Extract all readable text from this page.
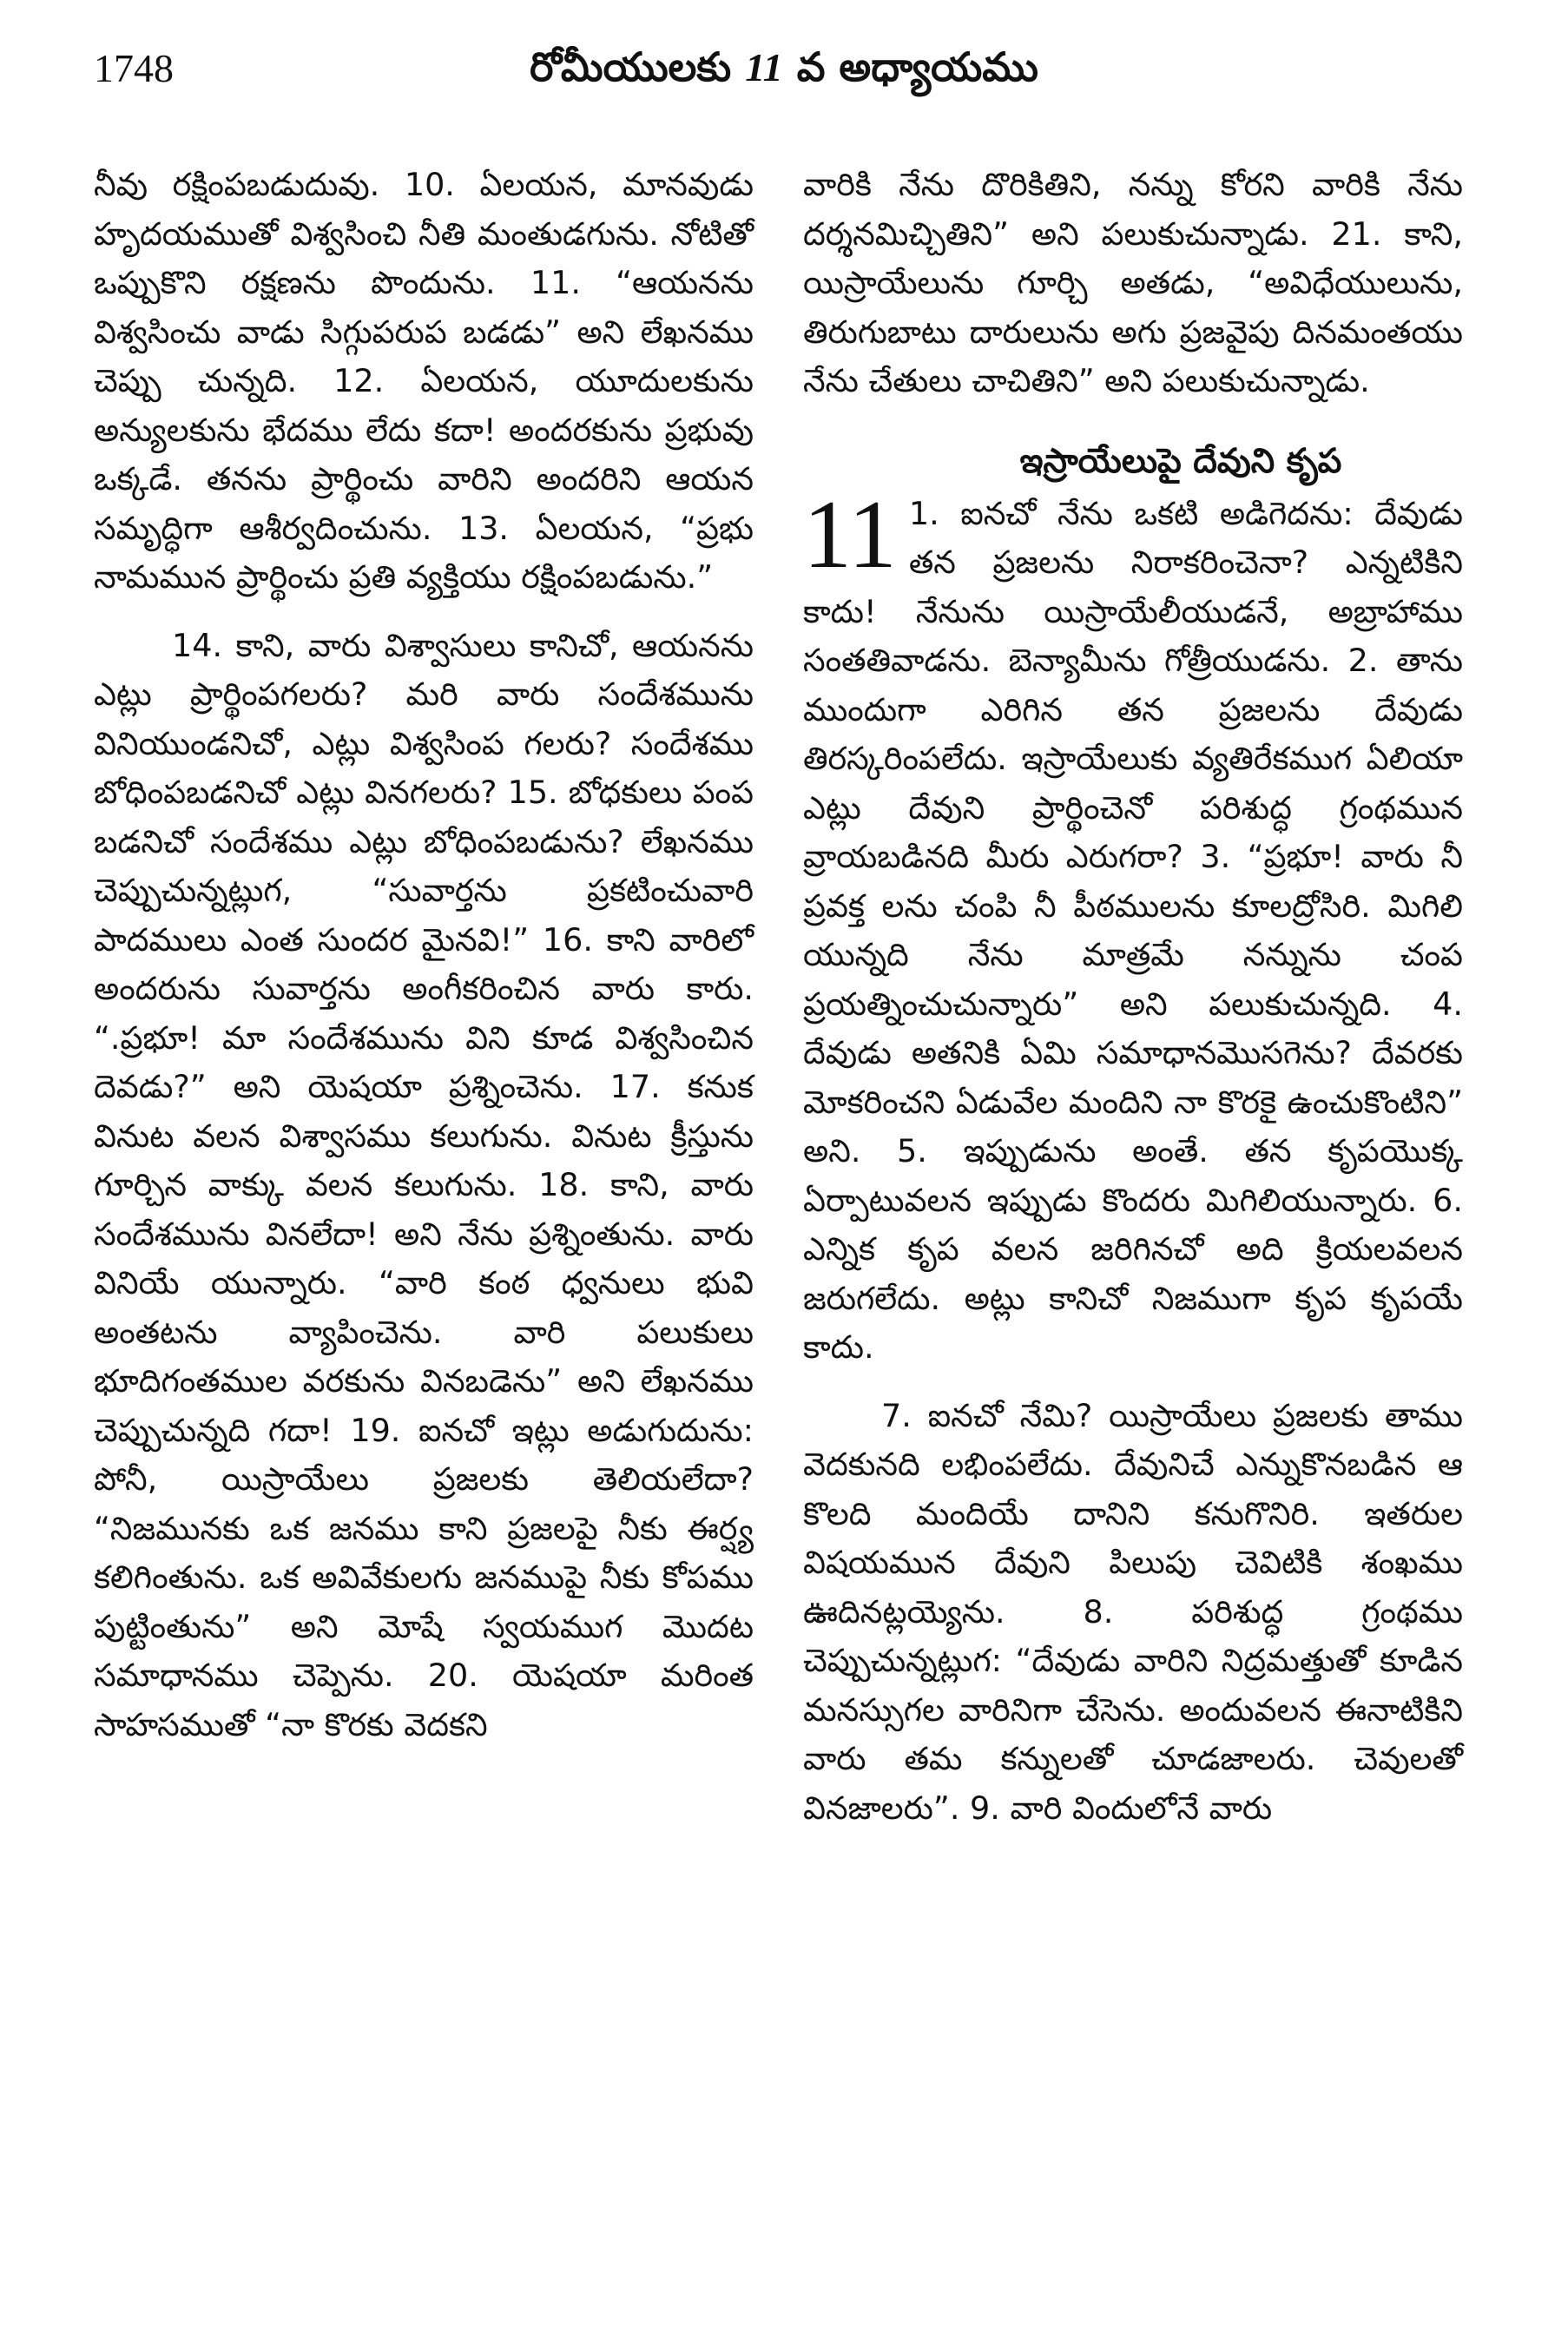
1748	రోమీయులకు 11 వ అధ్యాయము

నీవు రక్షింపబడుదువు. 10. ఏలయన, మానవుడు హృదయముతో విశ్వసించి నీతి మంతుడగును. నోటితో ఒప్పుకొని రక్షణను పొందును. 11. “ఆయనను విశ్వసించు వాడు సిగ్గుపరుప బడడు” అని లేఖనము చెప్పు చున్నది. 12. ఏలయన, యూదులకును అన్యులకును భేదము లేదు కదా! అందరకును ప్రభువు ఒక్కడే. తనను ప్రార్థించు వారిని అందరిని ఆయన సమృద్ధిగా ఆశీర్వదించును. 13. ఏలయన, “ప్రభు నామమున ప్రార్థించు ప్రతి వ్యక్తియు రక్షింపబడును.”

14. కాని, వారు విశ్వాసులు కానిచో, ఆయనను ఎట్లు ప్రార్థింపగలరు? మరి వారు సందేశమును వినియుండనిచో, ఎట్లు విశ్వసింప గలరు? సందేశము బోధింపబడనిచో ఎట్లు వినగలరు? 15. బోధకులు పంప బడనిచో సందేశము ఎట్లు బోధింపబడును? లేఖనము చెప్పుచున్నట్లుగ, “సువార్తను ప్రకటించువారి పాదములు ఎంత సుందర మైనవి!” 16. కాని వారిలో అందరును సువార్తను అంగీకరించిన వారు కారు. “.ప్రభూ! మా సందేశమును విని కూడ విశ్వసించిన దెవడు?” అని యెషయా ప్రశ్నించెను. 17. కనుక వినుట వలన విశ్వాసము కలుగును. వినుట క్రీస్తును గూర్చిన వాక్కు వలన కలుగును. 18. కాని, వారు సందేశమును వినలేదా! అని నేను ప్రశ్నింతును. వారు వినియే యున్నారు. “వారి కంఠ ధ్వనులు భువి అంతటను వ్యాపించెను. వారి పలుకులు భూదిగంతముల వరకును వినబడెను” అని లేఖనము చెప్పుచున్నది గదా! 19. ఐనచో ఇట్లు అడుగుదును: పోనీ, యిస్రాయేలు ప్రజలకు తెలియలేదా? “నిజమునకు ఒక జనము కాని ప్రజలపై నీకు ఈర్ష్య కలిగింతును. ఒక అవివేకులగు జనముపై నీకు కోపము పుట్టింతును” అని మోషే స్వయముగ మొదట సమాధానము చెప్పెను. 20. యెషయా మరింత సాహసముతో “నా కొరకు వెదకని

వారికి నేను దొరికితిని, నన్ను కోరని వారికి నేను దర్శనమిచ్చితిని” అని పలుకుచున్నాడు. 21. కాని, యిస్రాయేలును గూర్చి అతడు, “అవిధేయులును, తిరుగుబాటు దారులును అగు ప్రజవైపు దినమంతయు నేను చేతులు చాచితిని” అని పలుకుచున్నాడు.

ఇస్రాయేలుపై దేవుని కృప

11 1. ఐనచో నేను ఒకటి అడిగెదను: దేవుడు తన ప్రజలను నిరాకరించెనా? ఎన్నటికిని కాదు! నేనును యిస్రాయేలీయుడనే, అబ్రాహాము సంతతివాడను. బెన్యామీను గోత్రీయుడను. 2. తాను ముందుగా ఎరిగిన తన ప్రజలను దేవుడు తిరస్కరింపలేదు. ఇస్రాయేలుకు వ్యతిరేకముగ ఏలియా ఎట్లు దేవుని ప్రార్థించెనో పరిశుద్ధ గ్రంథమున వ్రాయబడినది మీరు ఎరుగరా? 3. “ప్రభూ! వారు నీ ప్రవక్త లను చంపి నీ పీఠములను కూలద్రోసిరి. మిగిలి యున్నది నేను మాత్రమే నన్నును చంప ప్రయత్నించుచున్నారు” అని పలుకుచున్నది. 4. దేవుడు అతనికి ఏమి సమాధానమొసగెను? దేవరకు మోకరించని ఏడువేల మందిని నా కొరకై ఉంచుకొంటిని” అని. 5. ఇప్పుడును అంతే. తన కృపయొక్క ఏర్పాటువలన ఇప్పుడు కొందరు మిగిలియున్నారు. 6. ఎన్నిక కృప వలన జరిగినచో అది క్రియలవలన జరుగలేదు. అట్లు కానిచో నిజముగా కృప కృపయే కాదు.

7. ఐనచో నేమి? యిస్రాయేలు ప్రజలకు తాము వెదకునది లభింపలేదు. దేవునిచే ఎన్నుకొనబడిన ఆ కొలది మందియే దానిని కనుగొనిరి. ఇతరుల విషయమున దేవుని పిలుపు చెవిటికి శంఖము ఊదినట్లయ్యెను. 8. పరిశుద్ధ గ్రంథము చెప్పుచున్నట్లుగ: “దేవుడు వారిని నిద్రమత్తుతో కూడిన మనస్సుగల వారినిగా చేసెను. అందువలన ఈనాటికిని వారు తమ కన్నులతో చూడజాలరు. చెవులతో వినజాలరు”. 9. వారి విందులోనే వారు
